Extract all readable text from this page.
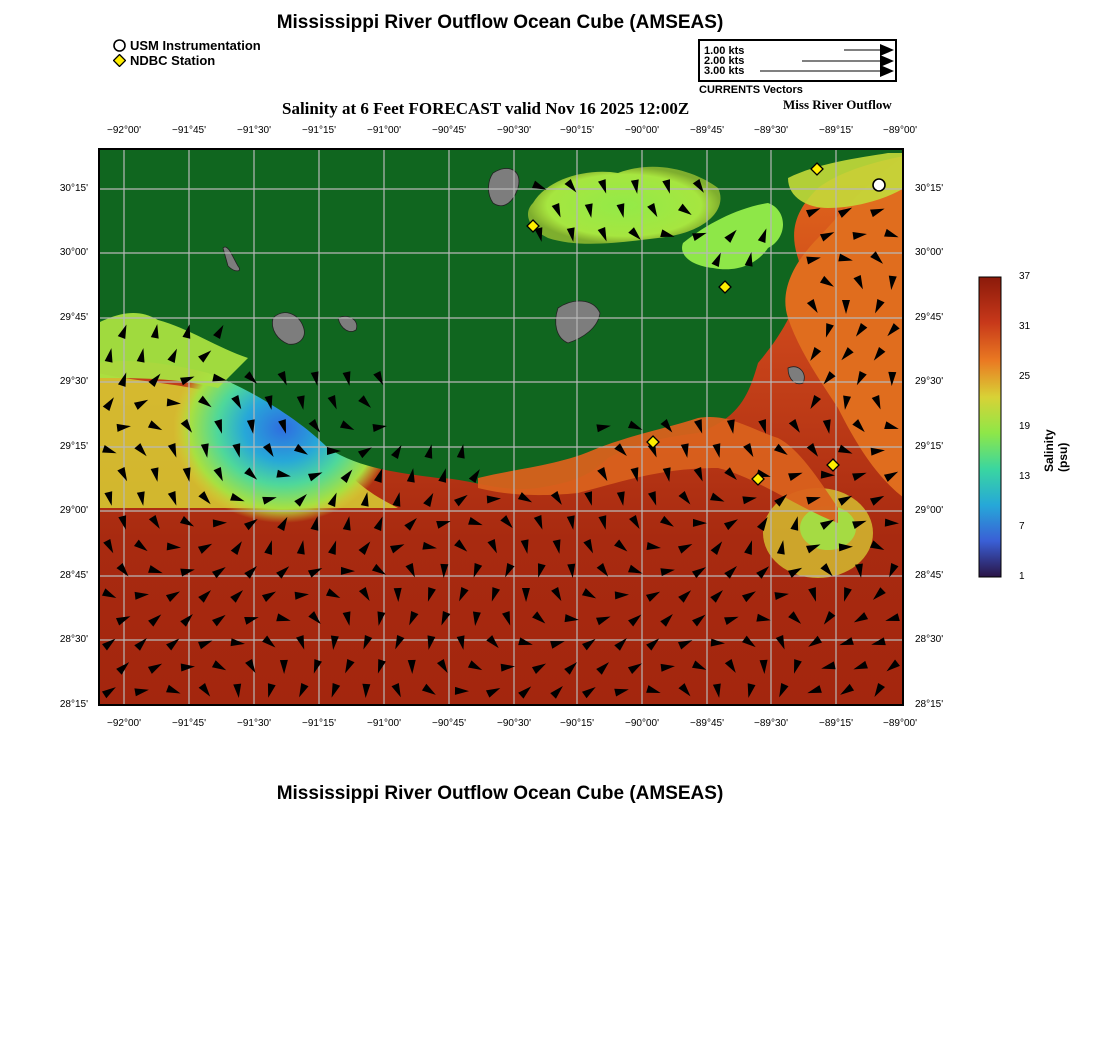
Mississippi River Outflow Ocean Cube (AMSEAS)
USM Instrumentation
NDBC Station
1.00 kts
2.00 kts
3.00 kts
CURRENTS Vectors
Salinity at 6 Feet FORECAST valid Nov 16 2025 12:00Z	Miss River Outflow
−92°00'	−91°45'	−91°30'	−91°15'	−91°00'	−90°45'	−90°30'	−90°15'	−90°00'	−89°45'	−89°30'	−89°15'	−89°00'
−92°00'	−91°45'	−91°30'	−91°15'	−91°00'	−90°45'	−90°30'	−90°15'	−90°00'	−89°45'	−89°30'	−89°15'	−89°00'
30°15'
30°00'
29°45'
29°30'
29°15'
29°00'
28°45'
28°30'
28°15'
30°15'
30°00'
29°45'
29°30'
29°15'
29°00'
28°45'
28°30'
28°15'
37
31
25
19
13
7
1
Salinity (psu)
Mississippi River Outflow Ocean Cube (AMSEAS)
